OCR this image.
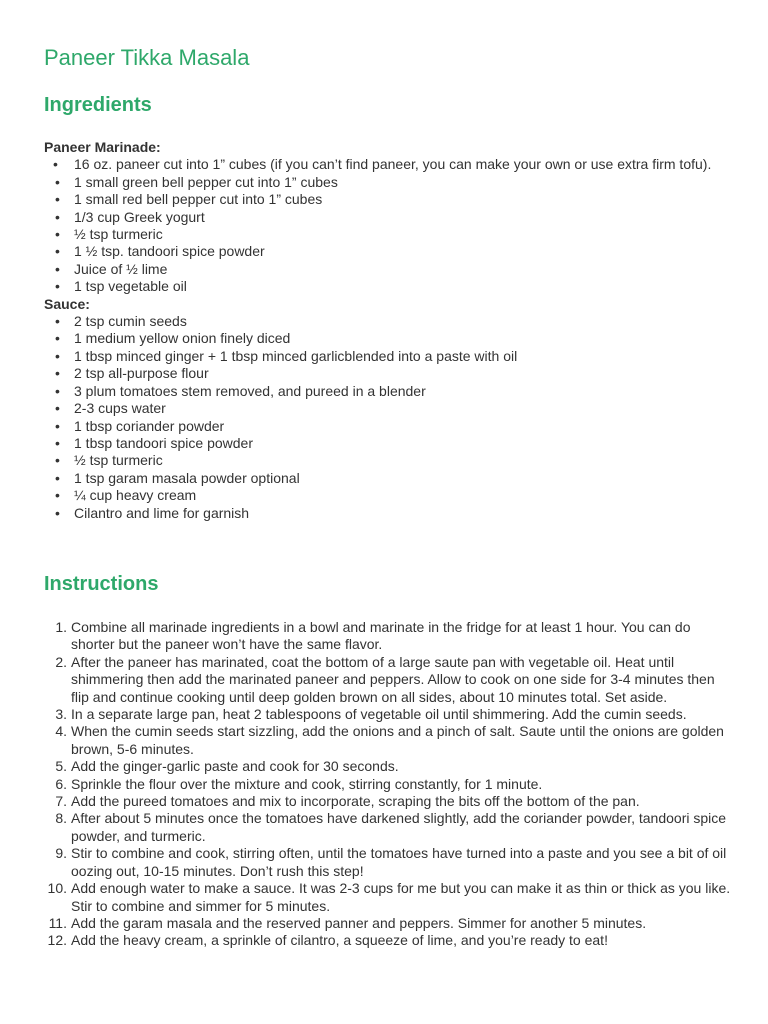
Paneer Tikka Masala
Ingredients

Paneer Marinade:

• 16 oz. paneer cut into 1” cubes (if you can’t find paneer, you can make your own or use extra firm tofu).
• 1 small green bell pepper cut into 1” cubes
• 1 small red bell pepper cut into 1” cubes
• 1/3 cup Greek yogurt
• ½ tsp turmeric
• 1 ½ tsp. tandoori spice powder
• Juice of ½ lime
• 1 tsp vegetable oil

Sauce:

• 2 tsp cumin seeds
• 1 medium yellow onion finely diced
• 1 tbsp minced ginger + 1 tbsp minced garlicblended into a paste with oil
• 2 tsp all-purpose flour
• 3 plum tomatoes stem removed, and pureed in a blender
• 2-3 cups water
• 1 tbsp coriander powder
• 1 tbsp tandoori spice powder
• ½ tsp turmeric
• 1 tsp garam masala powder optional
• ¼ cup heavy cream
• Cilantro and lime for garnish
Instructions
1. Combine all marinade ingredients in a bowl and marinate in the fridge for at least 1 hour. You can do shorter but the paneer won’t have the same flavor.
2. After the paneer has marinated, coat the bottom of a large saute pan with vegetable oil. Heat until shimmering then add the marinated paneer and peppers. Allow to cook on one side for 3-4 minutes then flip and continue cooking until deep golden brown on all sides, about 10 minutes total. Set aside.
3. In a separate large pan, heat 2 tablespoons of vegetable oil until shimmering. Add the cumin seeds.
4. When the cumin seeds start sizzling, add the onions and a pinch of salt. Saute until the onions are golden brown, 5-6 minutes.
5. Add the ginger-garlic paste and cook for 30 seconds.
6. Sprinkle the flour over the mixture and cook, stirring constantly, for 1 minute.
7. Add the pureed tomatoes and mix to incorporate, scraping the bits off the bottom of the pan.
8. After about 5 minutes once the tomatoes have darkened slightly, add the coriander powder, tandoori spice powder, and turmeric.
9. Stir to combine and cook, stirring often, until the tomatoes have turned into a paste and you see a bit of oil oozing out, 10-15 minutes. Don’t rush this step!
10. Add enough water to make a sauce. It was 2-3 cups for me but you can make it as thin or thick as you like. Stir to combine and simmer for 5 minutes.
11. Add the garam masala and the reserved panner and peppers. Simmer for another 5 minutes.
12. Add the heavy cream, a sprinkle of cilantro, a squeeze of lime, and you’re ready to eat!
